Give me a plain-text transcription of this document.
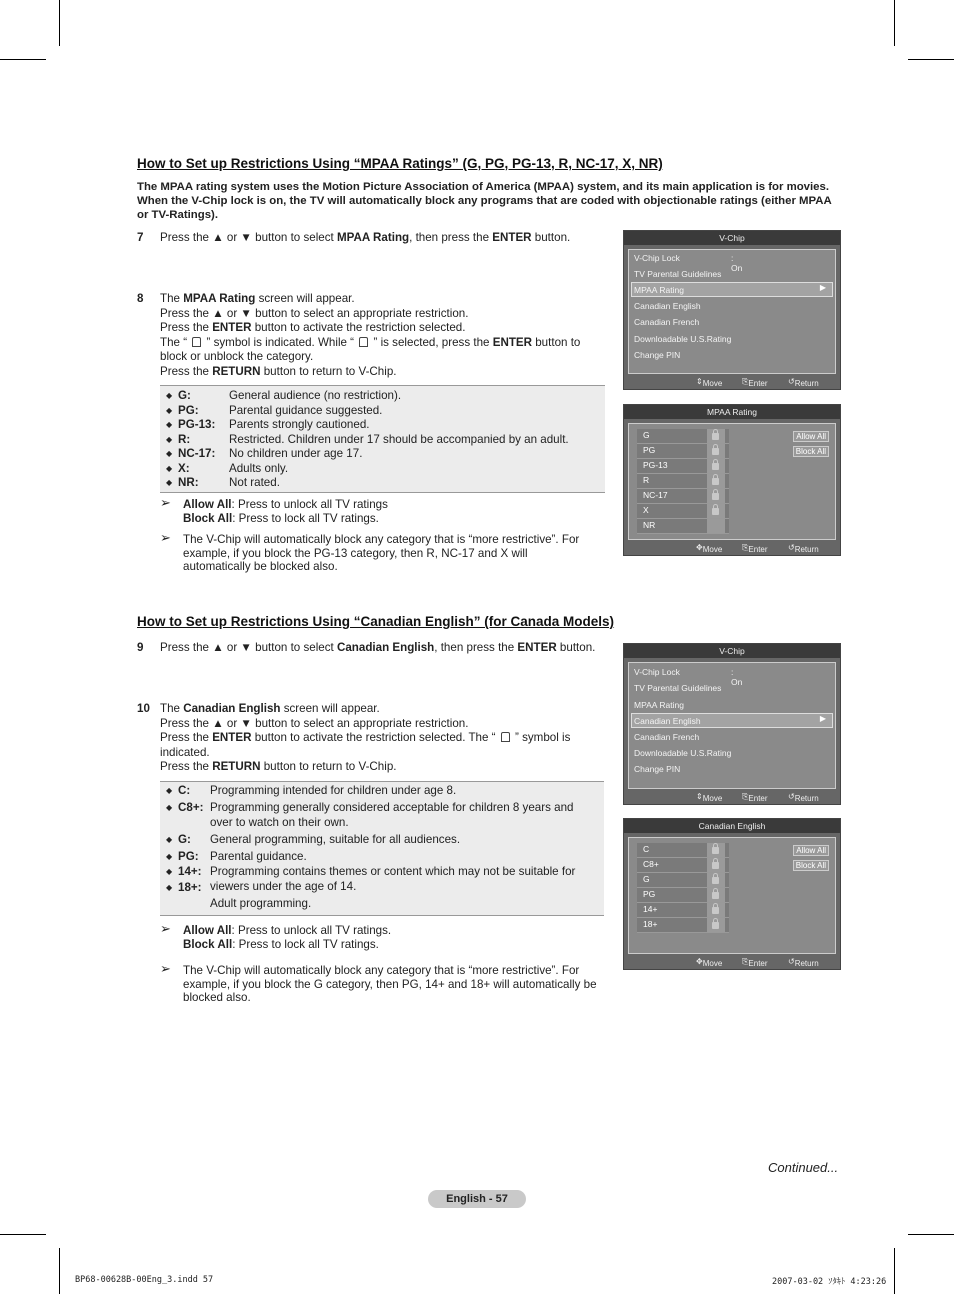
How to Set up Restrictions Using “MPAA Ratings” (G, PG, PG-13, R, NC-17, X, NR)
The MPAA rating system uses the Motion Picture Association of America (MPAA) system, and its main application is for movies. When the V-Chip lock is on, the TV will automatically block any programs that are coded with objectionable ratings (either MPAA or TV-Ratings).
7 Press the ▲ or ▼ button to select MPAA Rating, then press the ENTER button.
8 The MPAA Rating screen will appear.
Press the ▲ or ▼ button to select an appropriate restriction.
Press the ENTER button to activate the restriction selected.
The “  ” symbol is indicated. While “  ” is selected, press the ENTER button to block or unblock the category.
Press the RETURN button to return to V-Chip.
◆ G:	General audience (no restriction).
◆ PG:	Parental guidance suggested.
◆ PG-13: Parents strongly cautioned.
◆ R:	Restricted. Children under 17 should be accompanied by an adult.
◆ NC-17: No children under age 17.
◆ X:	Adults only.
◆ NR:	Not rated.
➢ Allow All: Press to unlock all TV ratings
Block All: Press to lock all TV ratings.
➢ The V-Chip will automatically block any category that is “more restrictive”. For example, if you block the PG-13 category, then R, NC-17 and X will automatically be blocked also.
How to Set up Restrictions Using “Canadian English” (for Canada Models)
9 Press the ▲ or ▼ button to select Canadian English, then press the ENTER button.
10 The Canadian English screen will appear.
Press the ▲ or ▼ button to select an appropriate restriction.
Press the ENTER button to activate the restriction selected. The “  ” symbol is indicated.
Press the RETURN button to return to V-Chip.
◆ C: Programming intended for children under age 8.
◆ C8+: Programming generally considered acceptable for children 8 years and over to watch on their own.
◆ G: General programming, suitable for all audiences.
◆ PG: Parental guidance.
◆ 14+: Programming contains themes or content which may not be suitable for viewers under the age of 14.
◆ 18+:
Adult programming.
➢ Allow All: Press to unlock all TV ratings.
Block All: Press to lock all TV ratings.
➢ The V-Chip will automatically block any category that is “more restrictive”. For example, if you block the G category, then PG, 14+ and 18+ will automatically be blocked also.
V-Chip
▶
V-Chip Lock	: On
TV Parental Guidelines
MPAA Rating
Canadian English
Canadian French
Downloadable U.S.Rating
Change PIN
⇕ Move ⎘ Enter	↺ Return
MPAA Rating
G
PG
PG-13
R
NC-17
X
NR
Allow All
Block All
✥ Move ⎘ Enter	↺ Return
V-Chip
▶
V-Chip Lock	: On
TV Parental Guidelines
MPAA Rating
Canadian English
Canadian French
Downloadable U.S.Rating
Change PIN
⇕ Move ⎘ Enter	↺ Return
Canadian English
C
C8+
G
PG
14+
18+
Allow All
Block All
✥ Move ⎘ Enter	↺ Return
Continued...
English - 57
BP68-00628B-00Eng_3.indd 57	2007-03-02 ｿﾀｷﾄ 4:23:26
